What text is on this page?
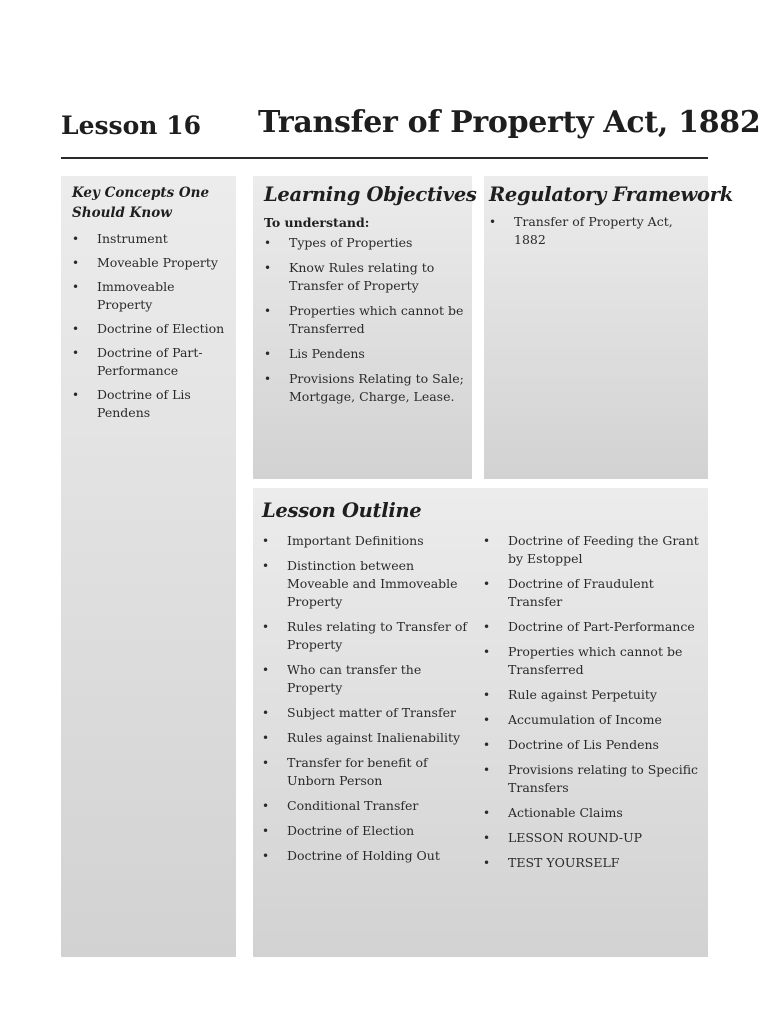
Lesson 16 Transfer of Property Act, 1882
Key Concepts One Should Know
• Instrument
• Moveable Property
• Immoveable Property
• Doctrine of Election
• Doctrine of Part-Performance
• Doctrine of Lis Pendens
Learning Objectives
To understand:
• Types of Properties
• Know Rules relating to Transfer of Property
• Properties which cannot be Transferred
• Lis Pendens
• Provisions Relating to Sale; Mortgage, Charge, Lease.
Regulatory Framework
• Transfer of Property Act, 1882
Lesson Outline
• Important Definitions
• Distinction between Moveable and Immoveable Property
• Rules relating to Transfer of Property
• Who can transfer the Property
• Subject matter of Transfer
• Rules against Inalienability
• Transfer for benefit of Unborn Person
• Conditional Transfer
• Doctrine of Election
• Doctrine of Holding Out
• Doctrine of Feeding the Grant by Estoppel
• Doctrine of Fraudulent Transfer
• Doctrine of Part-Performance
• Properties which cannot be Transferred
• Rule against Perpetuity
• Accumulation of Income
• Doctrine of Lis Pendens
• Provisions relating to Specific Transfers
• Actionable Claims
• LESSON ROUND-UP
• TEST YOURSELF
